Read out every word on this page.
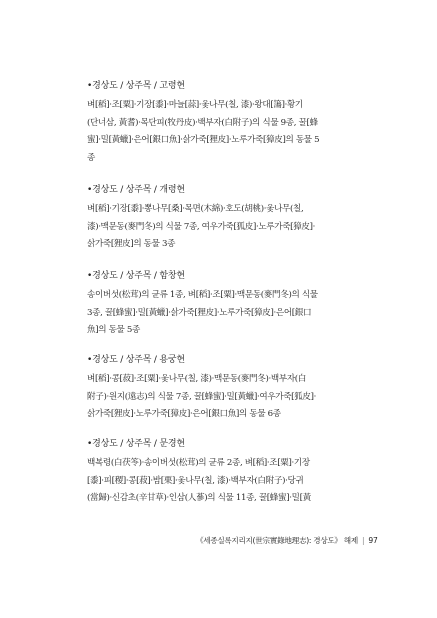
•경상도 / 상주목 / 고령현
벼[稻]·조[粟]·기장[黍]·마늘[蒜]·옻나무(칠, 漆)·왕대[簜]·황기
(단너삼, 黃耆)·목단피(牧丹皮)·백부자(白附子)의 식물 9종, 꿀[蜂
蜜]·밀[黃蠟]·은어[銀口魚]·삵가죽[狸皮]·노루가죽[獐皮]의 동물 5
종
•경상도 / 상주목 / 개령현
벼[稻]·기장[黍]·뽕나무[桑]·목면(木綿)·호도(胡桃)·옻나무(칠,
漆)·맥문동(麥門冬)의 식물 7종, 여우가죽[狐皮]·노루가죽[獐皮]·
삵가죽[狸皮]의 동물 3종
•경상도 / 상주목 / 함창현
송이버섯(松茸)의 균류 1종, 벼[稻]·조[粟]·맥문동(麥門冬)의 식물
3종, 꿀[蜂蜜]·밀[黃蠟]·삵가죽[狸皮]·노루가죽[獐皮]·은어[銀口
魚]의 동물 5종
•경상도 / 상주목 / 용궁현
벼[稻]·콩[菽]·조[粟]·옻나무(칠, 漆)·맥문동(麥門冬)·백부자(白
附子)·원지(遠志)의 식물 7종, 꿀[蜂蜜]·밀[黃蠟]·여우가죽[狐皮]·
삵가죽[狸皮]·노루가죽[獐皮]·은어[銀口魚]의 동물 6종
•경상도 / 상주목 / 문경현
백복령(白茯笭)·송이버섯(松茸)의 균류 2종, 벼[稻]·조[粟]·기장
[黍]·피[稷]·콩[菽]·밤[栗]·옻나무(칠, 漆)·백부자(白附子)·당귀
(當歸)·신감초(辛甘草)·인삼(人蔘)의 식물 11종, 꿀[蜂蜜]·밀[黃
《세종실록지리지(世宗實錄地理志): 경상도》 해제 | 97
